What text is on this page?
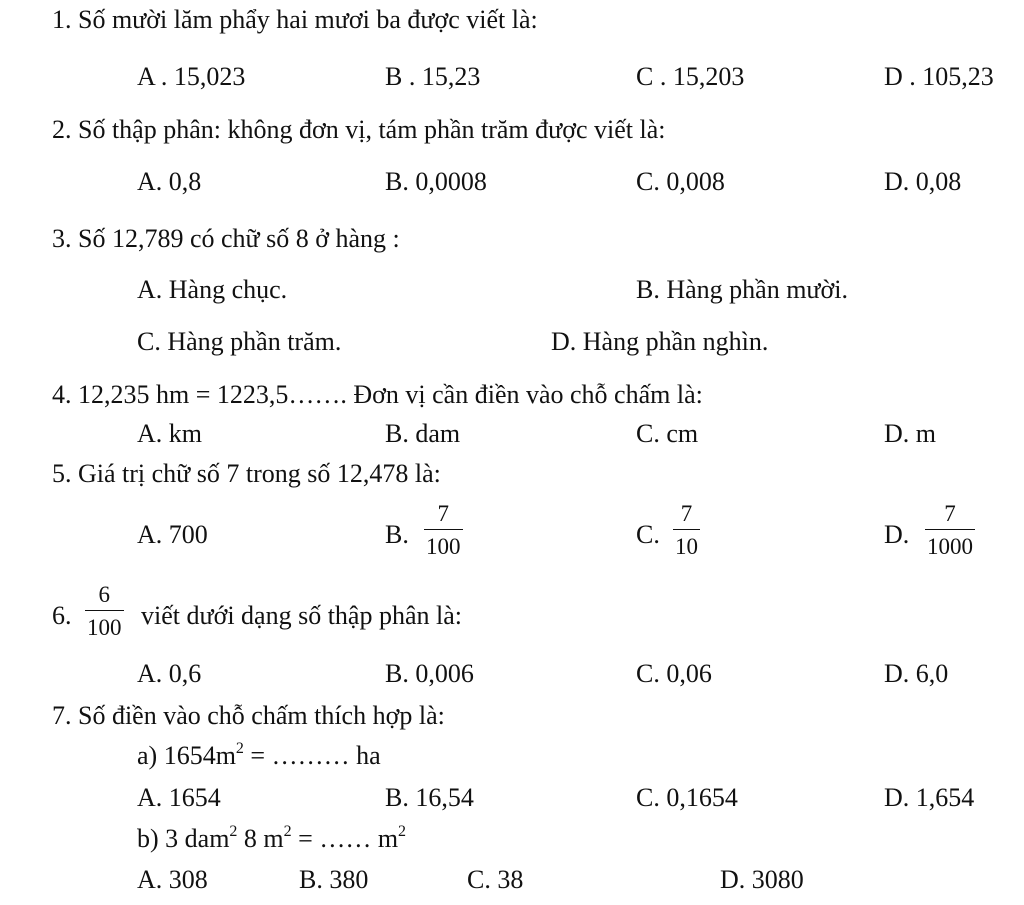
1. Số mười lăm phẩy hai mươi ba được viết là:
A . 15,023	B . 15,23	C . 15,203	D . 105,23
2. Số thập phân: không đơn vị, tám phần trăm được viết là:
A. 0,8	B. 0,0008	C. 0,008	D. 0,08
3. Số 12,789 có chữ số 8 ở hàng :
A. Hàng chục.	B. Hàng phần mười.
C. Hàng phần trăm.	D. Hàng phần nghìn.
4. 12,235 hm = 1223,5……. Đơn vị cần điền vào chỗ chấm là:
A. km	B. dam	C. cm	D. m
5. Giá trị chữ số 7 trong số 12,478 là:
A. 700	B.
7
100	C.
7
10	D.
7
1000
6.
6
100 viết dưới dạng số thập phân là:
A. 0,6	B. 0,006	C. 0,06	D. 6,0
7. Số điền vào chỗ chấm thích hợp là:
a) $1654m^2$ = ……… ha
A. 1654	B. 16,54	C. 0,1654	D. 1,654
b) 3 dam$^2$ 8 $m^2$ = …… $m^2$
A. 308	B. 380	C. 38	D. 3080
